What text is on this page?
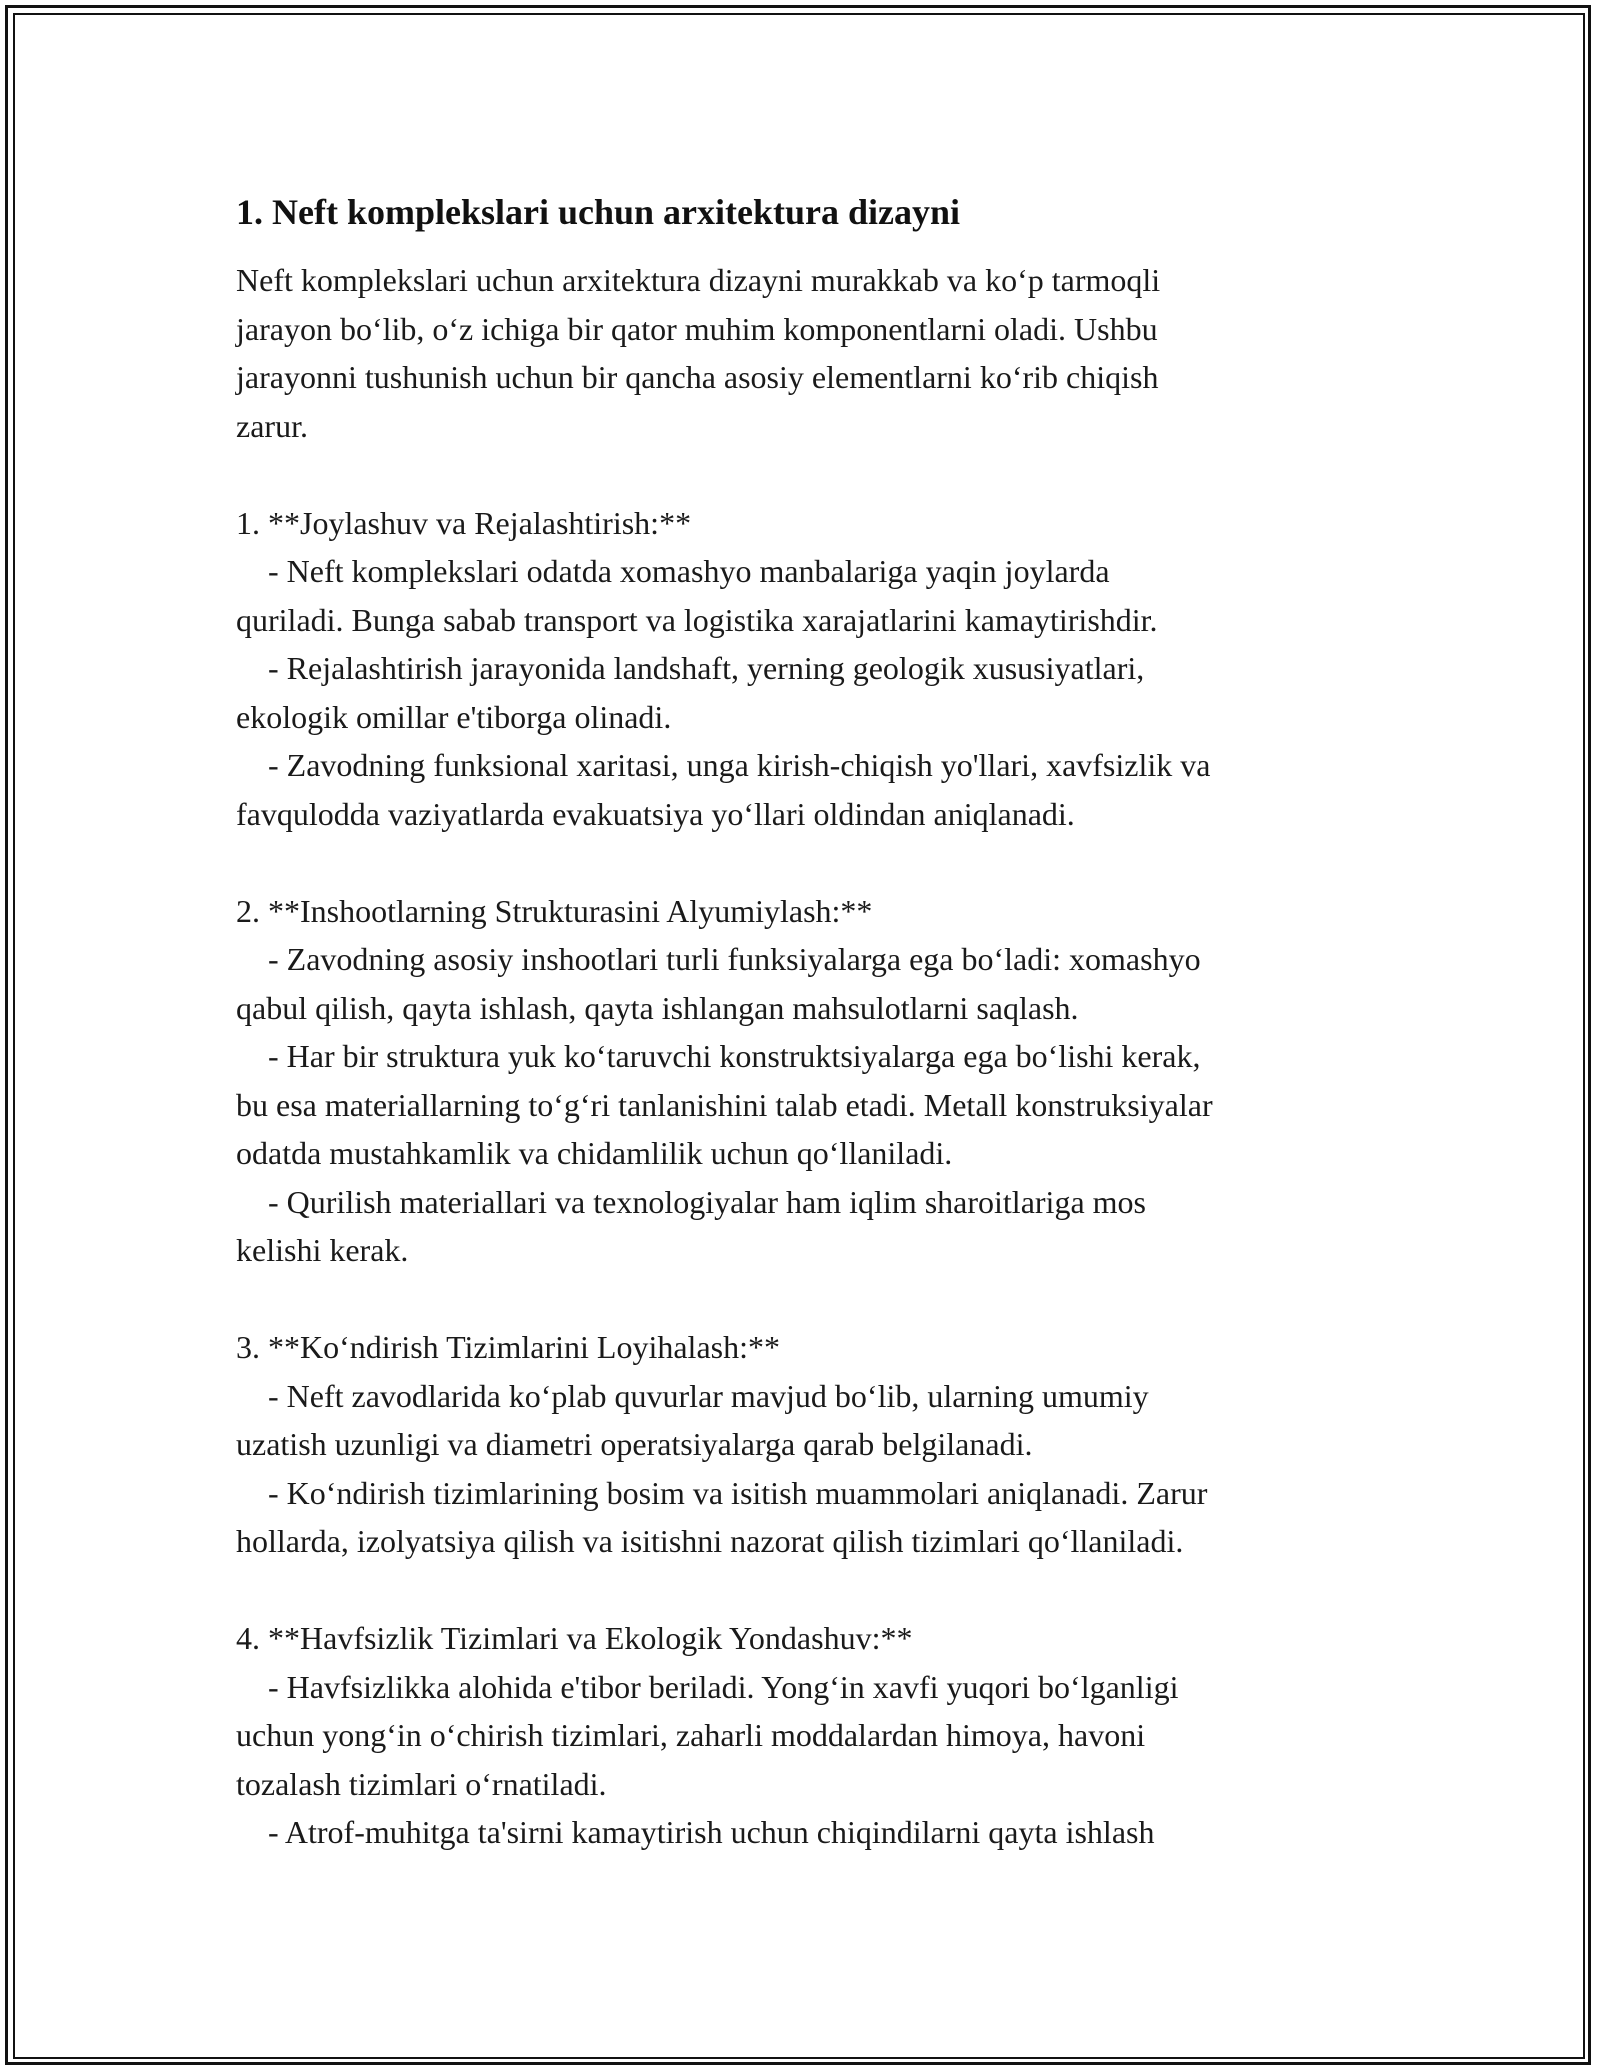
1. Neft komplekslari uchun arxitektura dizayni
Neft komplekslari uchun arxitektura dizayni murakkab va ko‘p tarmoqli
jarayon bo‘lib, o‘z ichiga bir qator muhim komponentlarni oladi. Ushbu
jarayonni tushunish uchun bir qancha asosiy elementlarni ko‘rib chiqish
zarur.
1. **Joylashuv va Rejalashtirish:**
- Neft komplekslari odatda xomashyo manbalariga yaqin joylarda
quriladi. Bunga sabab transport va logistika xarajatlarini kamaytirishdir.
- Rejalashtirish jarayonida landshaft, yerning geologik xususiyatlari,
ekologik omillar e'tiborga olinadi.
- Zavodning funksional xaritasi, unga kirish-chiqish yo'llari, xavfsizlik va
favqulodda vaziyatlarda evakuatsiya yo‘llari oldindan aniqlanadi.
2. **Inshootlarning Strukturasini Alyumiylash:**
- Zavodning asosiy inshootlari turli funksiyalarga ega bo‘ladi: xomashyo
qabul qilish, qayta ishlash, qayta ishlangan mahsulotlarni saqlash.
- Har bir struktura yuk ko‘taruvchi konstruktsiyalarga ega bo‘lishi kerak,
bu esa materiallarning to‘g‘ri tanlanishini talab etadi. Metall konstruksiyalar
odatda mustahkamlik va chidamlilik uchun qo‘llaniladi.
- Qurilish materiallari va texnologiyalar ham iqlim sharoitlariga mos
kelishi kerak.
3. **Ko‘ndirish Tizimlarini Loyihalash:**
- Neft zavodlarida ko‘plab quvurlar mavjud bo‘lib, ularning umumiy
uzatish uzunligi va diametri operatsiyalarga qarab belgilanadi.
- Ko‘ndirish tizimlarining bosim va isitish muammolari aniqlanadi. Zarur
hollarda, izolyatsiya qilish va isitishni nazorat qilish tizimlari qo‘llaniladi.
4. **Havfsizlik Tizimlari va Ekologik Yondashuv:**
- Havfsizlikka alohida e'tibor beriladi. Yong‘in xavfi yuqori bo‘lganligi
uchun yong‘in o‘chirish tizimlari, zaharli moddalardan himoya, havoni
tozalash tizimlari o‘rnatiladi.
- Atrof-muhitga ta'sirni kamaytirish uchun chiqindilarni qayta ishlash
